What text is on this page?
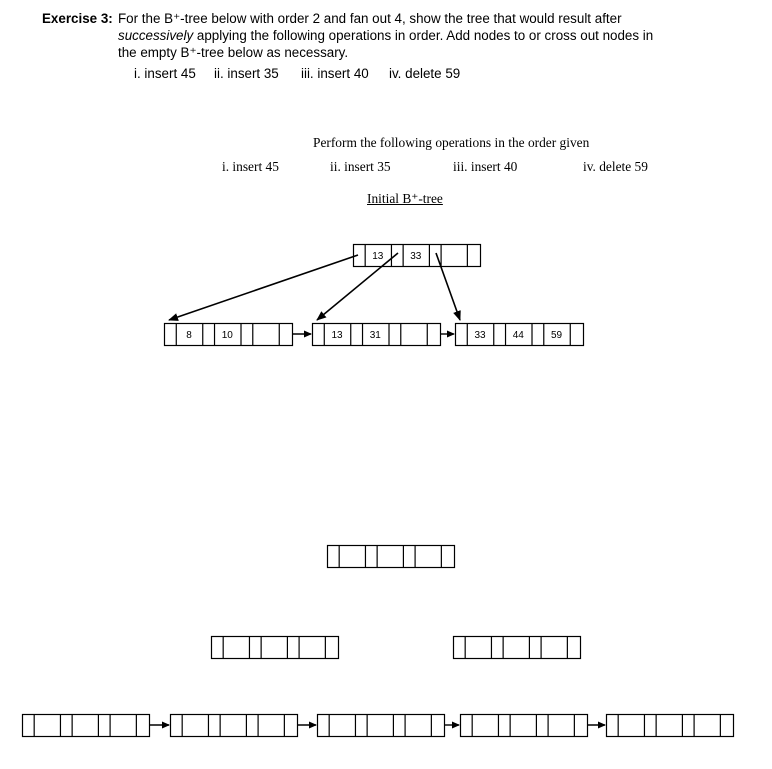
Exercise 3: For the B⁺-tree below with order 2 and fan out 4, show the tree that would result after
successively applying the following operations in order. Add nodes to or cross out nodes in
the empty B⁺-tree below as necessary.
i. insert 45 ii. insert 35 iii. insert 40 iv. delete 59
Perform the following operations in the order given
i. insert 45	ii. insert 35	iii. insert 40	iv. delete 59
Initial B⁺-tree
13	33
8	10	13	31	33	44	59
